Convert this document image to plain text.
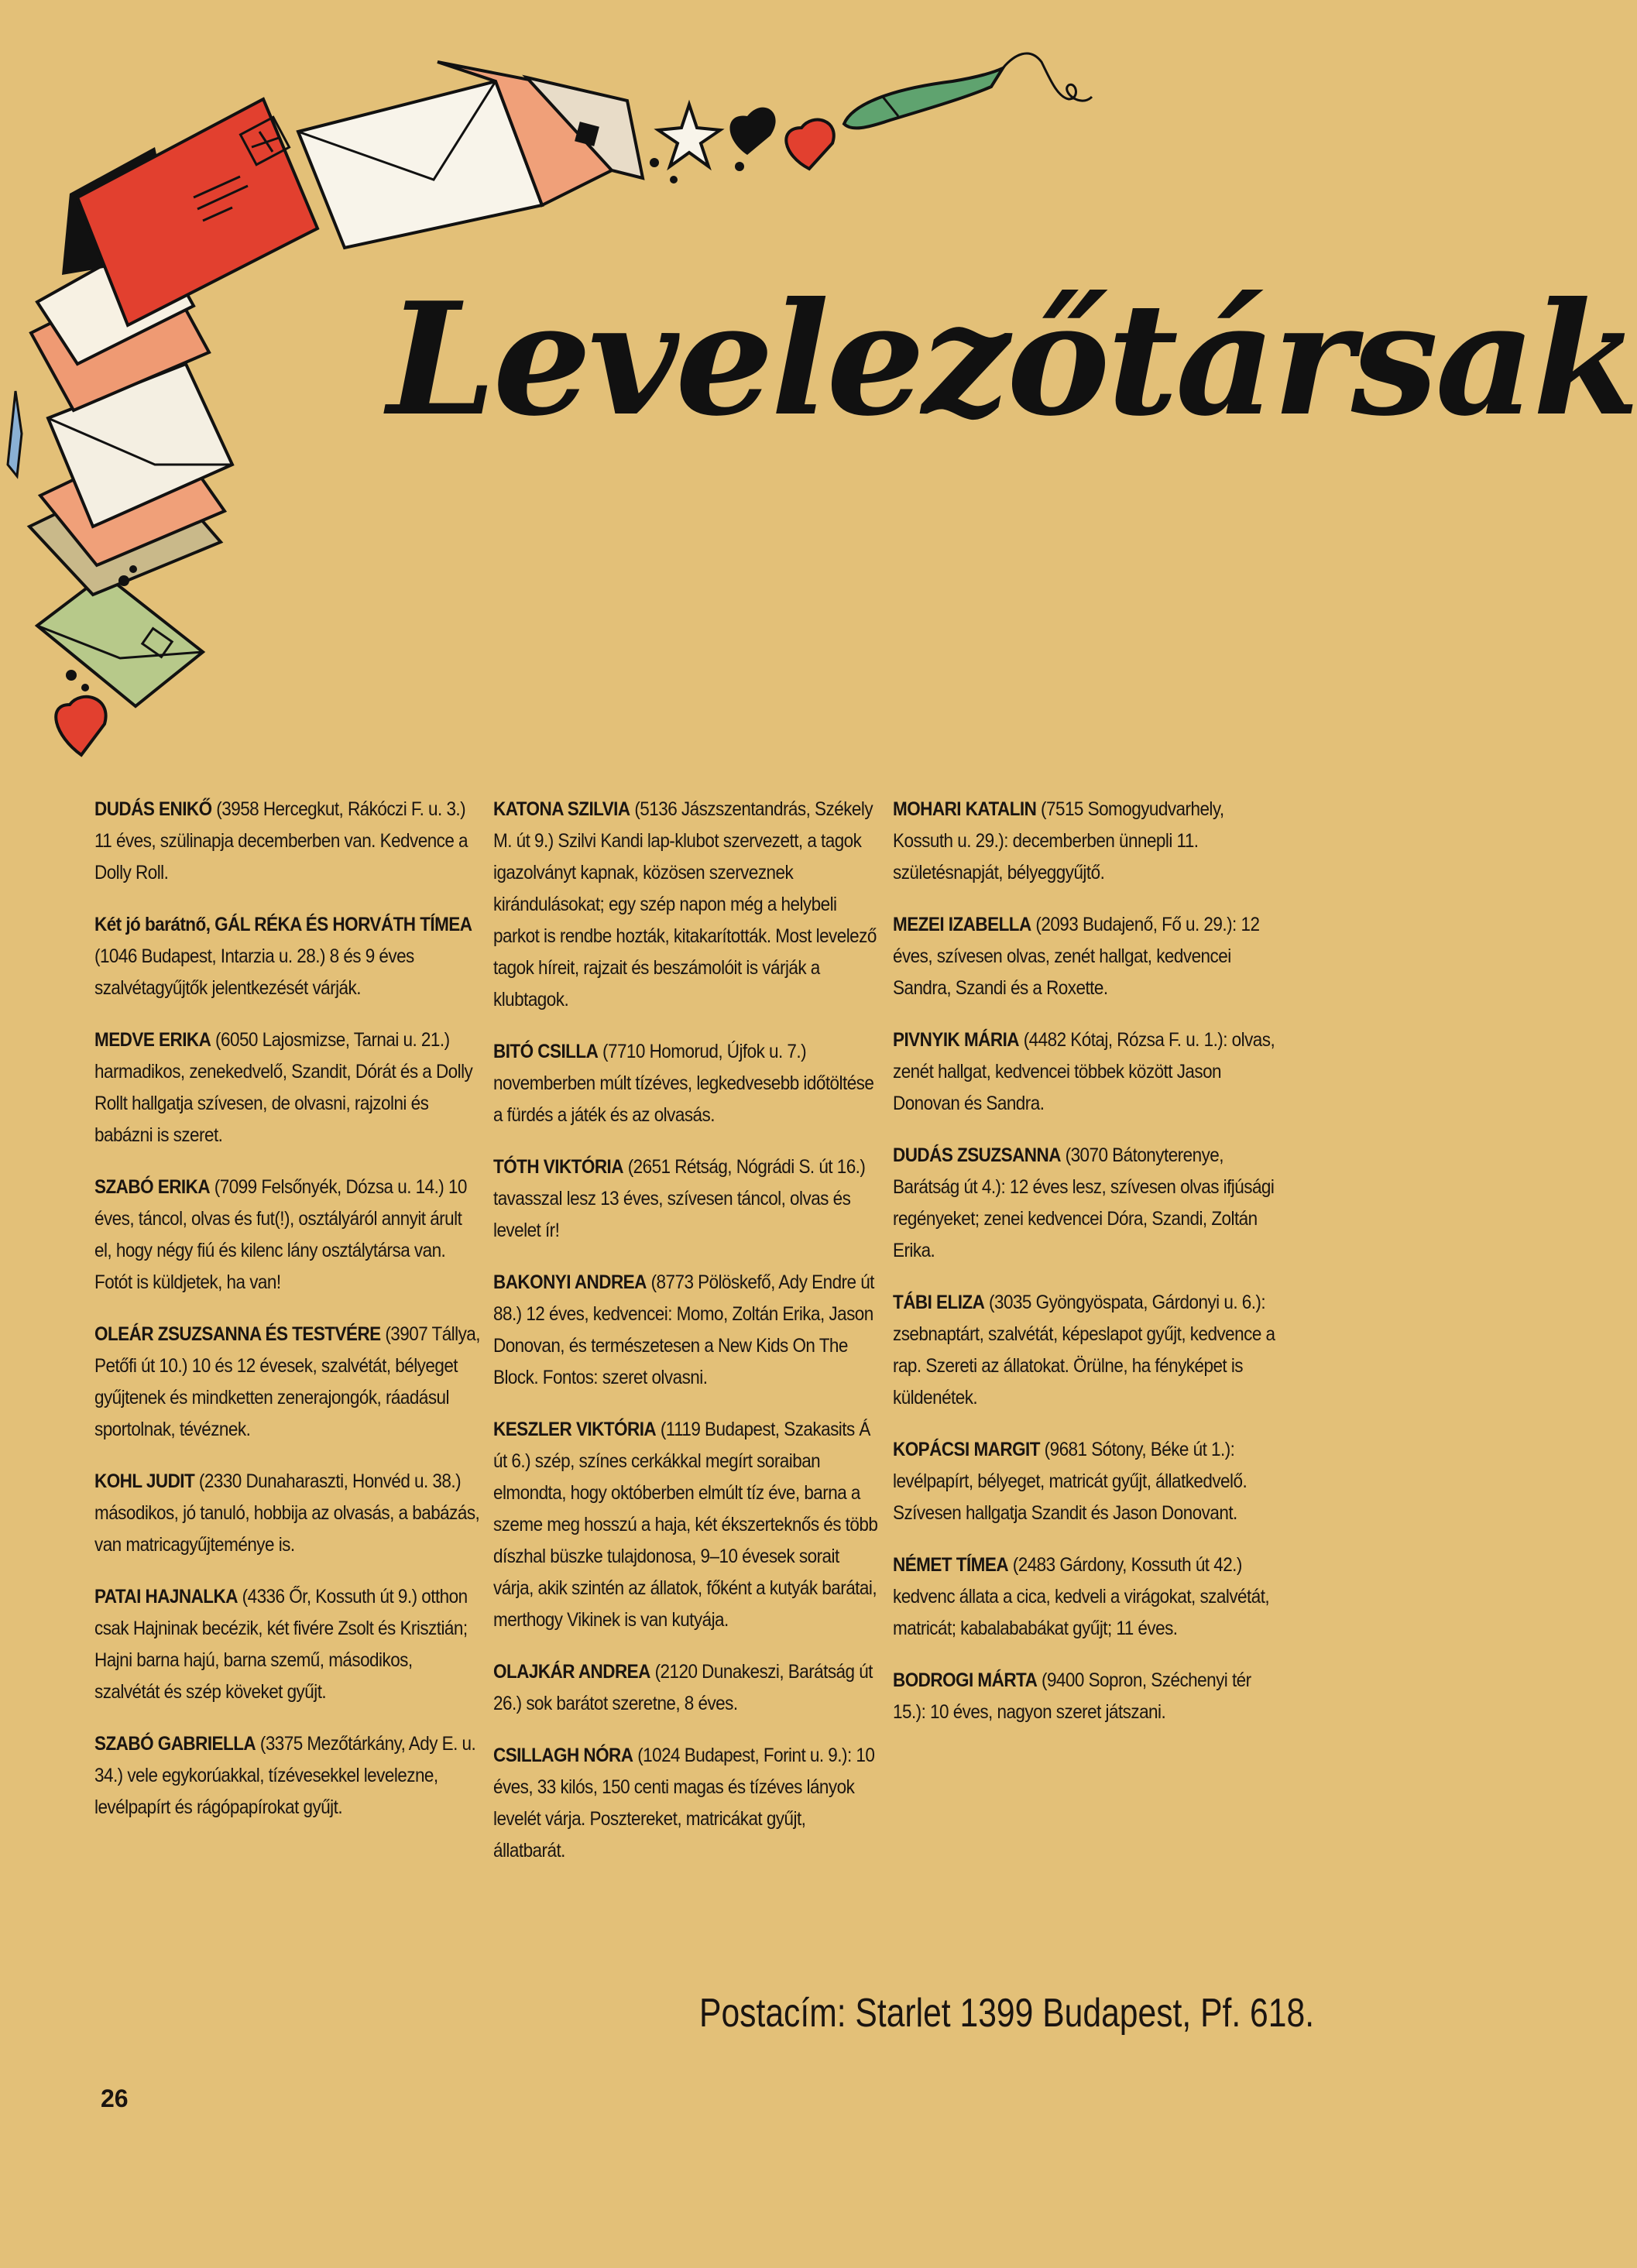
Levelezőtársak

DUDÁS ENIKŐ (3958 Hercegkut, Rákóczi F. u. 3.) 11 éves, szülinapja decemberben van. Kedvence a Dolly Roll.

Két jó barátnő, GÁL RÉKA ÉS HORVÁTH TÍMEA (1046 Budapest, Intarzia u. 28.) 8 és 9 éves szalvétagyűjtők jelentkezését várják.

MEDVE ERIKA (6050 Lajosmizse, Tarnai u. 21.) harmadikos, zenekedvelő, Szandit, Dórát és a Dolly Rollt hallgatja szívesen, de olvasni, rajzolni és babázni is szeret.

SZABÓ ERIKA (7099 Felsőnyék, Dózsa u. 14.) 10 éves, táncol, olvas és fut(!), osztályáról annyit árult el, hogy négy fiú és kilenc lány osztálytársa van. Fotót is küldjetek, ha van!

OLEÁR ZSUZSANNA ÉS TESTVÉRE (3907 Tállya, Petőfi út 10.) 10 és 12 évesek, szalvétát, bélyeget gyűjtenek és mindketten zenerajongók, ráadásul sportolnak, tévéznek.

KOHL JUDIT (2330 Dunaharaszti, Honvéd u. 38.) másodikos, jó tanuló, hobbija az olvasás, a babázás, van matricagyűjteménye is.

PATAI HAJNALKA (4336 Őr, Kossuth út 9.) otthon csak Hajninak becézik, két fivére Zsolt és Krisztián; Hajni barna hajú, barna szemű, másodikos, szalvétát és szép köveket gyűjt.

SZABÓ GABRIELLA (3375 Mezőtárkány, Ady E. u. 34.) vele egykorúakkal, tízévesekkel levelezne, levélpapírt és rágópapírokat gyűjt.

KATONA SZILVIA (5136 Jászszentandrás, Székely M. út 9.) Szilvi Kandi lap-klubot szervezett, a tagok igazolványt kapnak, közösen szerveznek kirándulásokat; egy szép napon még a helybeli parkot is rendbe hozták, kitakarították. Most levelező tagok híreit, rajzait és beszámolóit is várják a klubtagok.

BITÓ CSILLA (7710 Homorud, Újfok u. 7.) novemberben múlt tízéves, legkedvesebb időtöltése a fürdés a játék és az olvasás.

TÓTH VIKTÓRIA (2651 Rétság, Nógrádi S. út 16.) tavasszal lesz 13 éves, szívesen táncol, olvas és levelet ír!

BAKONYI ANDREA (8773 Pölöskefő, Ady Endre út 88.) 12 éves, kedvencei: Momo, Zoltán Erika, Jason Donovan, és természetesen a New Kids On The Block. Fontos: szeret olvasni.

KESZLER VIKTÓRIA (1119 Budapest, Szakasits Á út 6.) szép, színes cerkákkal megírt soraiban elmondta, hogy októberben elmúlt tíz éve, barna a szeme meg hosszú a haja, két ékszerteknős és több díszhal büszke tulajdonosa, 9–10 évesek sorait várja, akik szintén az állatok, főként a kutyák barátai, merthogy Vikinek is van kutyája.

OLAJKÁR ANDREA (2120 Dunakeszi, Barátság út 26.) sok barátot szeretne, 8 éves.

CSILLAGH NÓRA (1024 Budapest, Forint u. 9.): 10 éves, 33 kilós, 150 centi magas és tízéves lányok levelét várja. Posztereket, matricákat gyűjt, állatbarát.

MOHARI KATALIN (7515 Somogyudvarhely, Kossuth u. 29.): decemberben ünnepli 11. születésnapját, bélyeggyűjtő.

MEZEI IZABELLA (2093 Budajenő, Fő u. 29.): 12 éves, szívesen olvas, zenét hallgat, kedvencei Sandra, Szandi és a Roxette.

PIVNYIK MÁRIA (4482 Kótaj, Rózsa F. u. 1.): olvas, zenét hallgat, kedvencei többek között Jason Donovan és Sandra.

DUDÁS ZSUZSANNA (3070 Bátonyterenye, Barátság út 4.): 12 éves lesz, szívesen olvas ifjúsági regényeket; zenei kedvencei Dóra, Szandi, Zoltán Erika.

TÁBI ELIZA (3035 Gyöngyöspata, Gárdonyi u. 6.): zsebnaptárt, szalvétát, képeslapot gyűjt, kedvence a rap. Szereti az állatokat. Örülne, ha fényképet is küldenétek.

KOPÁCSI MARGIT (9681 Sótony, Béke út 1.): levélpapírt, bélyeget, matricát gyűjt, állatkedvelő. Szívesen hallgatja Szandit és Jason Donovant.

NÉMET TÍMEA (2483 Gárdony, Kossuth út 42.) kedvenc állata a cica, kedveli a virágokat, szalvétát, matricát; kabalababákat gyűjt; 11 éves.

BODROGI MÁRTA (9400 Sopron, Széchenyi tér 15.): 10 éves, nagyon szeret játszani.

Postacím: Starlet 1399 Budapest, Pf. 618.
26
